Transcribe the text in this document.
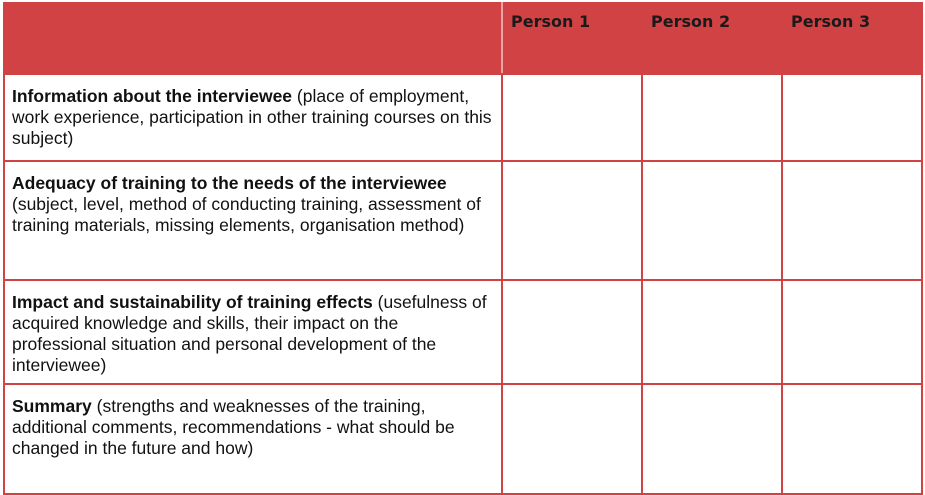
	Person 1	Person 2	Person 3
Information about the interviewee (place of employment, work experience, participation in other training courses on this subject)			
Adequacy of training to the needs of the interviewee (subject, level, method of conducting training, assessment of training materials, missing elements, organisation method)			
Impact and sustainability of training effects (usefulness of acquired knowledge and skills, their impact on the professional situation and personal development of the interviewee)			
Summary (strengths and weaknesses of the training, additional comments, recommendations - what should be changed in the future and how)			
